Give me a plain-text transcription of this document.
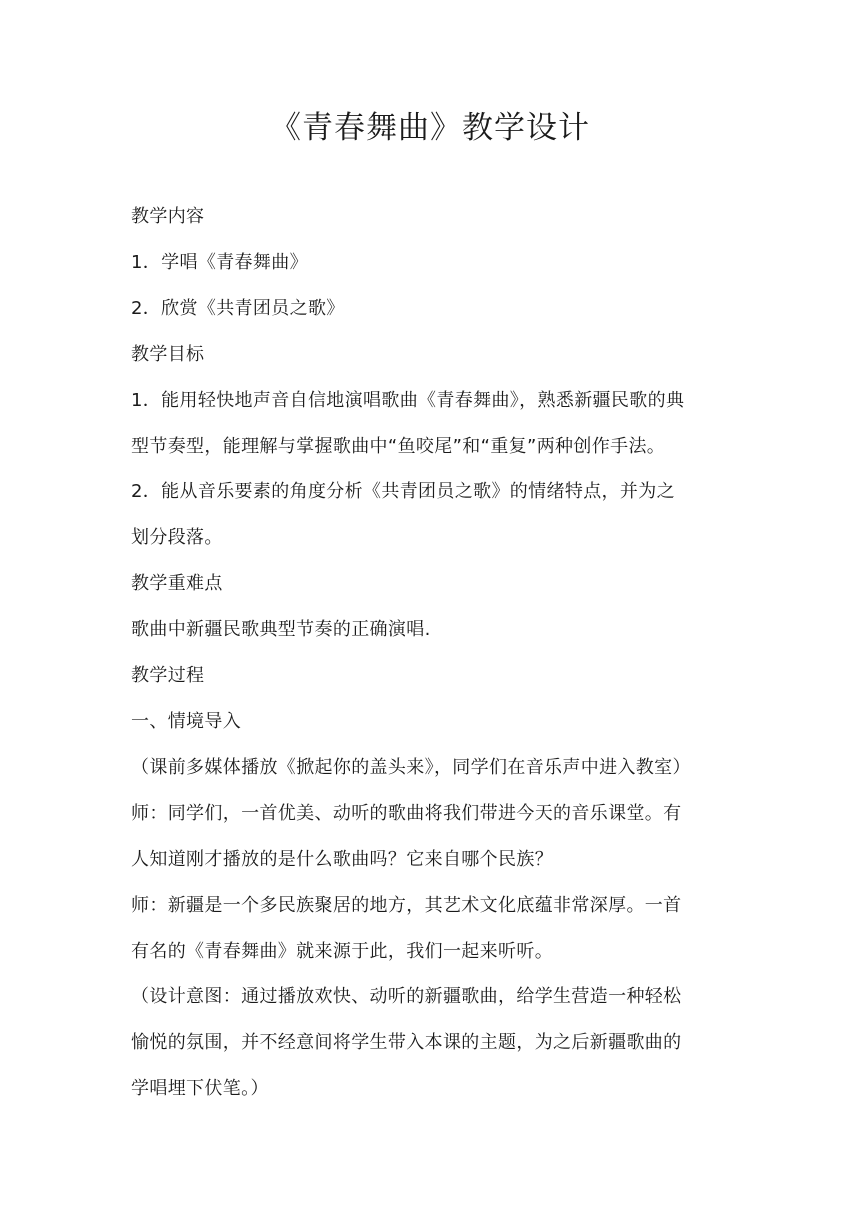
《青春舞曲》教学设计

教学内容

1．学唱《青春舞曲》

2．欣赏《共青团员之歌》

教学目标

1．能用轻快地声音自信地演唱歌曲《青春舞曲》，熟悉新疆民歌的典

型节奏型，能理解与掌握歌曲中“鱼咬尾”和“重复”两种创作手法。

2．能从音乐要素的角度分析《共青团员之歌》的情绪特点，并为之

划分段落。

教学重难点

歌曲中新疆民歌典型节奏的正确演唱.

教学过程

一、情境导入

（课前多媒体播放《掀起你的盖头来》，同学们在音乐声中进入教室）

师：同学们，一首优美、动听的歌曲将我们带进今天的音乐课堂。有

人知道刚才播放的是什么歌曲吗？它来自哪个民族？

师：新疆是一个多民族聚居的地方，其艺术文化底蕴非常深厚。一首

有名的《青春舞曲》就来源于此，我们一起来听听。

（设计意图：通过播放欢快、动听的新疆歌曲，给学生营造一种轻松

愉悦的氛围，并不经意间将学生带入本课的主题，为之后新疆歌曲的

学唱埋下伏笔。）
